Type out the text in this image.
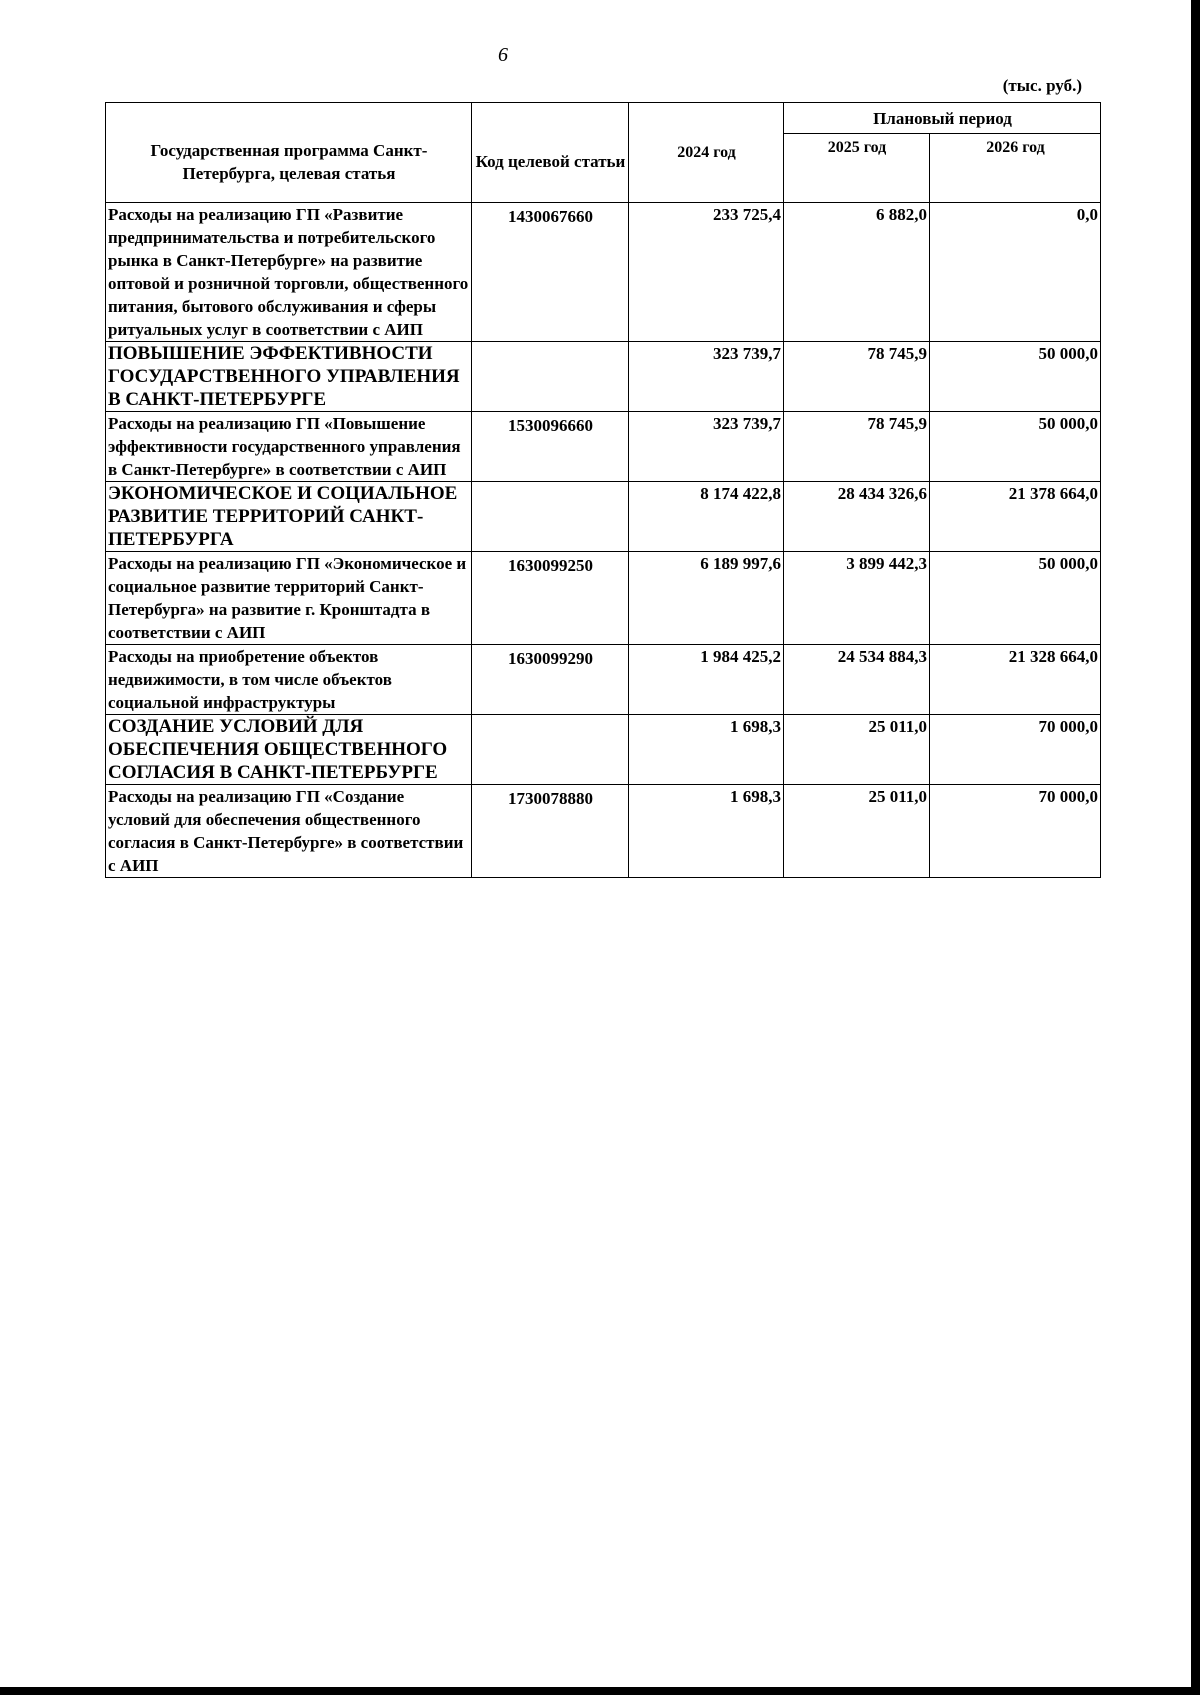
6
(тыс. руб.)
Государственная программа Санкт-Петербурга, целевая статья	Код целевой статьи	2024 год	Плановый период	
			2025 год	2026 год
Расходы на реализацию ГП «Развитие предпринимательства и потребительского рынка в Санкт-Петербурге» на развитие оптовой и розничной торговли, общественного питания, бытового обслуживания и сферы ритуальных услуг в соответствии с АИП	1430067660	233 725,4	6 882,0	0,0
ПОВЫШЕНИЕ ЭФФЕКТИВНОСТИ ГОСУДАРСТВЕННОГО УПРАВЛЕНИЯ В САНКТ-ПЕТЕРБУРГЕ		323 739,7	78 745,9	50 000,0
Расходы на реализацию ГП «Повышение эффективности государственного управления в Санкт-Петербурге» в соответствии с АИП	1530096660	323 739,7	78 745,9	50 000,0
ЭКОНОМИЧЕСКОЕ И СОЦИАЛЬНОЕ РАЗВИТИЕ ТЕРРИТОРИЙ САНКТ-ПЕТЕРБУРГА		8 174 422,8	28 434 326,6	21 378 664,0
Расходы на реализацию ГП «Экономическое и социальное развитие территорий Санкт-Петербурга» на развитие г. Кронштадта в соответствии с АИП	1630099250	6 189 997,6	3 899 442,3	50 000,0
Расходы на приобретение объектов недвижимости, в том числе объектов социальной инфраструктуры	1630099290	1 984 425,2	24 534 884,3	21 328 664,0
СОЗДАНИЕ УСЛОВИЙ ДЛЯ ОБЕСПЕЧЕНИЯ ОБЩЕСТВЕННОГО СОГЛАСИЯ В САНКТ-ПЕТЕРБУРГЕ		1 698,3	25 011,0	70 000,0
Расходы на реализацию ГП «Создание условий для обеспечения общественного согласия в Санкт-Петербурге» в соответствии с АИП	1730078880	1 698,3	25 011,0	70 000,0
